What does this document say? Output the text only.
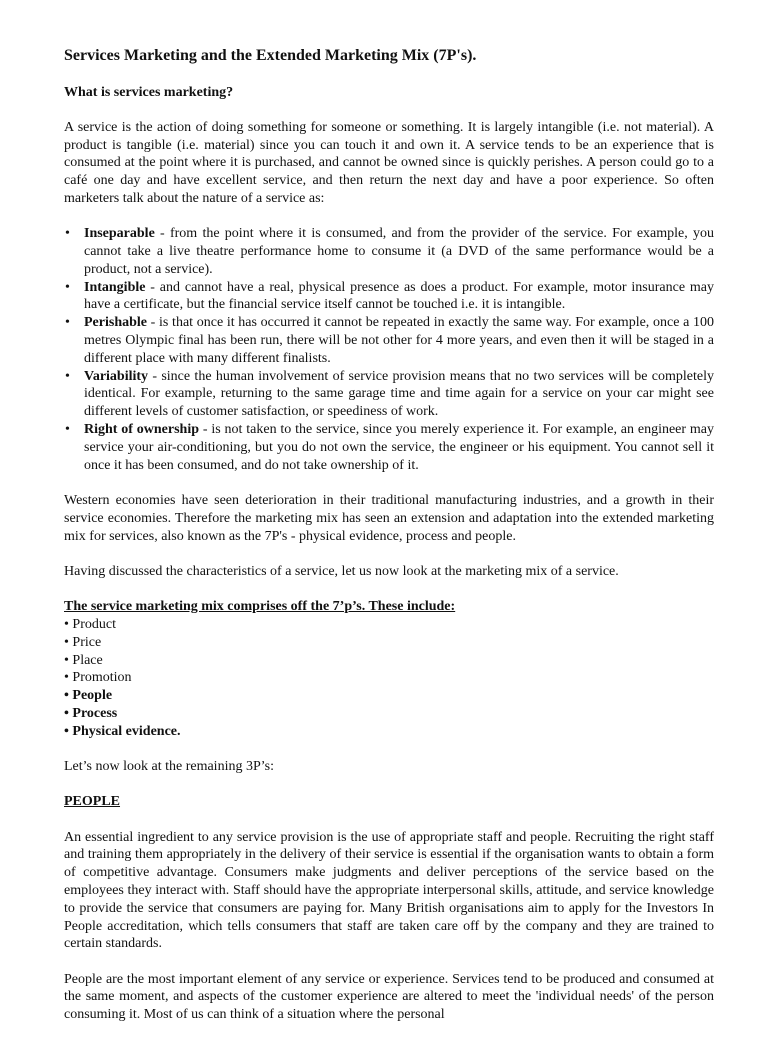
Services Marketing and the Extended Marketing Mix (7P's).
What is services marketing?

A service is the action of doing something for someone or something. It is largely intangible (i.e. not material). A product is tangible (i.e. material) since you can touch it and own it. A service tends to be an experience that is consumed at the point where it is purchased, and cannot be owned since is quickly perishes. A person could go to a café one day and have excellent service, and then return the next day and have a poor experience. So often marketers talk about the nature of a service as:

• Inseparable - from the point where it is consumed, and from the provider of the service. For example, you cannot take a live theatre performance home to consume it (a DVD of the same performance would be a product, not a service).
• Intangible - and cannot have a real, physical presence as does a product. For example, motor insurance may have a certificate, but the financial service itself cannot be touched i.e. it is intangible.
• Perishable - is that once it has occurred it cannot be repeated in exactly the same way. For example, once a 100 metres Olympic final has been run, there will be not other for 4 more years, and even then it will be staged in a different place with many different finalists.
• Variability - since the human involvement of service provision means that no two services will be completely identical. For example, returning to the same garage time and time again for a service on your car might see different levels of customer satisfaction, or speediness of work.
• Right of ownership - is not taken to the service, since you merely experience it. For example, an engineer may service your air-conditioning, but you do not own the service, the engineer or his equipment. You cannot sell it once it has been consumed, and do not take ownership of it.

Western economies have seen deterioration in their traditional manufacturing industries, and a growth in their service economies. Therefore the marketing mix has seen an extension and adaptation into the extended marketing mix for services, also known as the 7P's - physical evidence, process and people.

Having discussed the characteristics of a service, let us now look at the marketing mix of a service.

The service marketing mix comprises off the 7’p’s. These include:
• Product
• Price
• Place
• Promotion
• People
• Process
• Physical evidence.

Let’s now look at the remaining 3P’s:

PEOPLE

An essential ingredient to any service provision is the use of appropriate staff and people. Recruiting the right staff and training them appropriately in the delivery of their service is essential if the organisation wants to obtain a form of competitive advantage. Consumers make judgments and deliver perceptions of the service based on the employees they interact with. Staff should have the appropriate interpersonal skills, attitude, and service knowledge to provide the service that consumers are paying for. Many British organisations aim to apply for the Investors In People accreditation, which tells consumers that staff are taken care off by the company and they are trained to certain standards.

People are the most important element of any service or experience. Services tend to be produced and consumed at the same moment, and aspects of the customer experience are altered to meet the 'individual needs' of the person consuming it. Most of us can think of a situation where the personal
